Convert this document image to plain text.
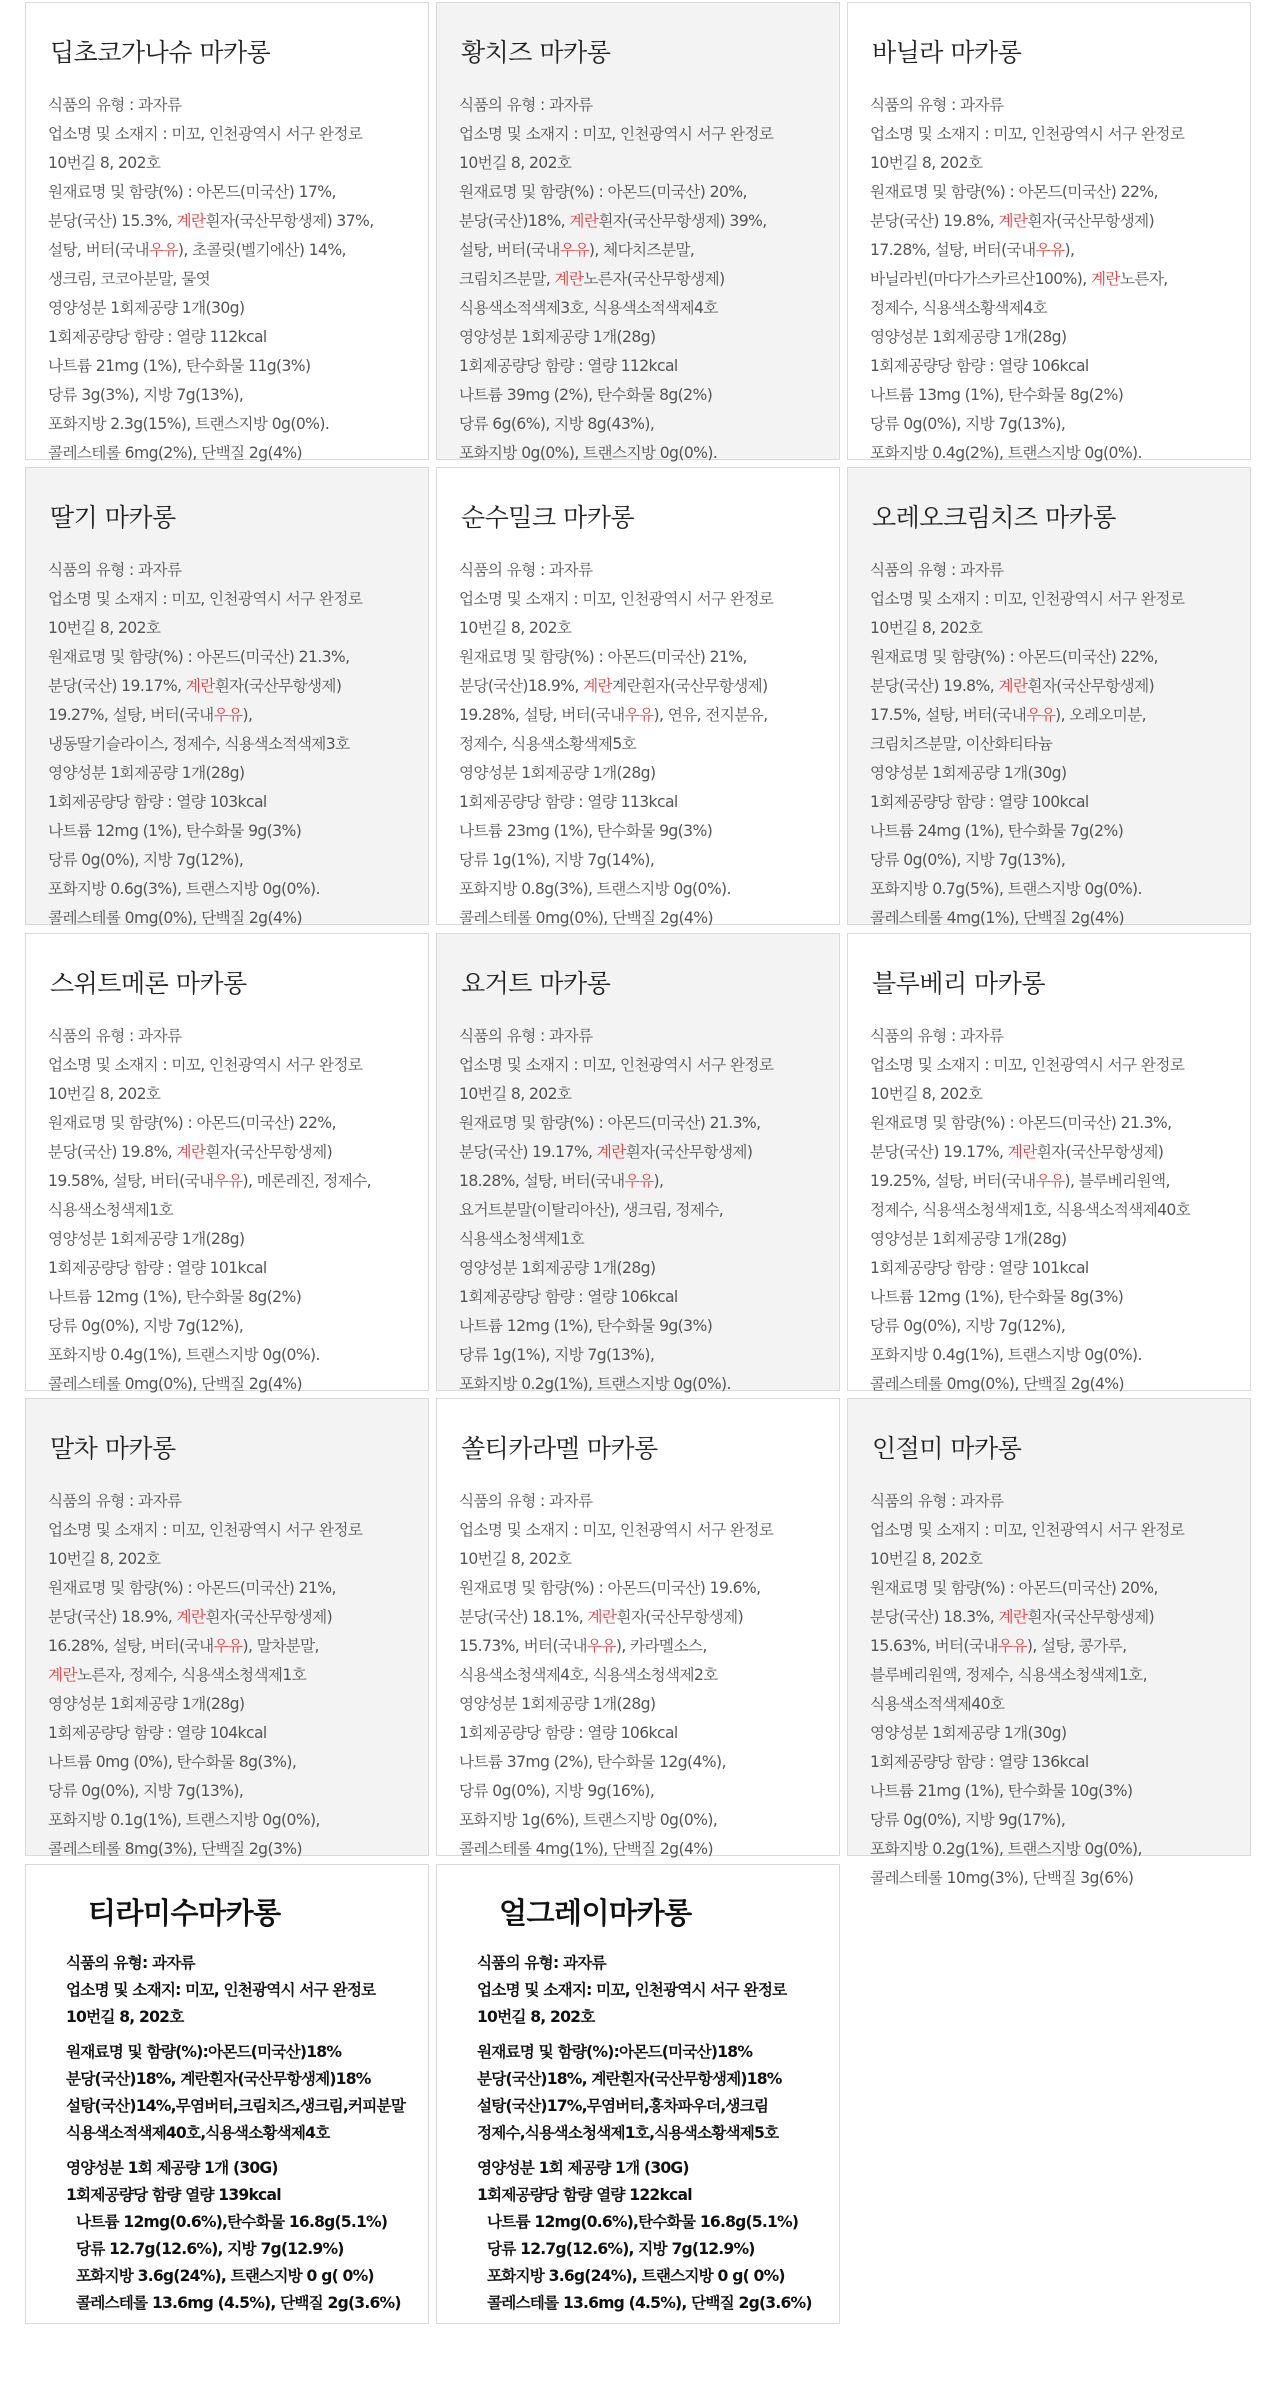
딥초코가나슈 마카롱
식품의 유형 : 과자류
업소명 및 소재지 : 미꼬, 인천광역시 서구 완정로
10번길 8, 202호
원재료명 및 함량(%) : 아몬드(미국산) 17%,
분당(국산) 15.3%, 계란흰자(국산무항생제) 37%,
설탕, 버터(국내우유), 초콜릿(벨기에산) 14%,
생크림, 코코아분말, 물엿
영양성분 1회제공량 1개(30g)
1회제공량당 함량 : 열량 112kcal
나트륨 21mg (1%), 탄수화물 11g(3%)
당류 3g(3%), 지방 7g(13%),
포화지방 2.3g(15%), 트랜스지방 0g(0%).
콜레스테롤 6mg(2%), 단백질 2g(4%)
황치즈 마카롱
식품의 유형 : 과자류
업소명 및 소재지 : 미꼬, 인천광역시 서구 완정로
10번길 8, 202호
원재료명 및 함량(%) : 아몬드(미국산) 20%,
분당(국산)18%, 계란흰자(국산무항생제) 39%,
설탕, 버터(국내우유), 체다치즈분말,
크림치즈분말, 계란노른자(국산무항생제)
식용색소적색제3호, 식용색소적색제4호
영양성분 1회제공량 1개(28g)
1회제공량당 함량 : 열량 112kcal
나트륨 39mg (2%), 탄수화물 8g(2%)
당류 6g(6%), 지방 8g(43%),
포화지방 0g(0%), 트랜스지방 0g(0%).
바닐라 마카롱
식품의 유형 : 과자류
업소명 및 소재지 : 미꼬, 인천광역시 서구 완정로
10번길 8, 202호
원재료명 및 함량(%) : 아몬드(미국산) 22%,
분당(국산) 19.8%, 계란흰자(국산무항생제)
17.28%, 설탕, 버터(국내우유),
바닐라빈(마다가스카르산100%), 계란노른자,
정제수, 식용색소황색제4호
영양성분 1회제공량 1개(28g)
1회제공량당 함량 : 열량 106kcal
나트륨 13mg (1%), 탄수화물 8g(2%)
당류 0g(0%), 지방 7g(13%),
포화지방 0.4g(2%), 트랜스지방 0g(0%).
딸기 마카롱
식품의 유형 : 과자류
업소명 및 소재지 : 미꼬, 인천광역시 서구 완정로
10번길 8, 202호
원재료명 및 함량(%) : 아몬드(미국산) 21.3%,
분당(국산) 19.17%, 계란흰자(국산무항생제)
19.27%, 설탕, 버터(국내우유),
냉동딸기슬라이스, 정제수, 식용색소적색제3호
영양성분 1회제공량 1개(28g)
1회제공량당 함량 : 열량 103kcal
나트륨 12mg (1%), 탄수화물 9g(3%)
당류 0g(0%), 지방 7g(12%),
포화지방 0.6g(3%), 트랜스지방 0g(0%).
콜레스테롤 0mg(0%), 단백질 2g(4%)
순수밀크 마카롱
식품의 유형 : 과자류
업소명 및 소재지 : 미꼬, 인천광역시 서구 완정로
10번길 8, 202호
원재료명 및 함량(%) : 아몬드(미국산) 21%,
분당(국산)18.9%, 계란계란흰자(국산무항생제)
19.28%, 설탕, 버터(국내우유), 연유, 전지분유,
정제수, 식용색소황색제5호
영양성분 1회제공량 1개(28g)
1회제공량당 함량 : 열량 113kcal
나트륨 23mg (1%), 탄수화물 9g(3%)
당류 1g(1%), 지방 7g(14%),
포화지방 0.8g(3%), 트랜스지방 0g(0%).
콜레스테롤 0mg(0%), 단백질 2g(4%)
오레오크림치즈 마카롱
식품의 유형 : 과자류
업소명 및 소재지 : 미꼬, 인천광역시 서구 완정로
10번길 8, 202호
원재료명 및 함량(%) : 아몬드(미국산) 22%,
분당(국산) 19.8%, 계란흰자(국산무항생제)
17.5%, 설탕, 버터(국내우유), 오레오미분,
크림치즈분말, 이산화티타늄
영양성분 1회제공량 1개(30g)
1회제공량당 함량 : 열량 100kcal
나트륨 24mg (1%), 탄수화물 7g(2%)
당류 0g(0%), 지방 7g(13%),
포화지방 0.7g(5%), 트랜스지방 0g(0%).
콜레스테롤 4mg(1%), 단백질 2g(4%)
스위트메론 마카롱
식품의 유형 : 과자류
업소명 및 소재지 : 미꼬, 인천광역시 서구 완정로
10번길 8, 202호
원재료명 및 함량(%) : 아몬드(미국산) 22%,
분당(국산) 19.8%, 계란흰자(국산무항생제)
19.58%, 설탕, 버터(국내우유), 메론레진, 정제수,
식용색소청색제1호
영양성분 1회제공량 1개(28g)
1회제공량당 함량 : 열량 101kcal
나트륨 12mg (1%), 탄수화물 8g(2%)
당류 0g(0%), 지방 7g(12%),
포화지방 0.4g(1%), 트랜스지방 0g(0%).
콜레스테롤 0mg(0%), 단백질 2g(4%)
요거트 마카롱
식품의 유형 : 과자류
업소명 및 소재지 : 미꼬, 인천광역시 서구 완정로
10번길 8, 202호
원재료명 및 함량(%) : 아몬드(미국산) 21.3%,
분당(국산) 19.17%, 계란흰자(국산무항생제)
18.28%, 설탕, 버터(국내우유),
요거트분말(이탈리아산), 생크림, 정제수,
식용색소청색제1호
영양성분 1회제공량 1개(28g)
1회제공량당 함량 : 열량 106kcal
나트륨 12mg (1%), 탄수화물 9g(3%)
당류 1g(1%), 지방 7g(13%),
포화지방 0.2g(1%), 트랜스지방 0g(0%).
블루베리 마카롱
식품의 유형 : 과자류
업소명 및 소재지 : 미꼬, 인천광역시 서구 완정로
10번길 8, 202호
원재료명 및 함량(%) : 아몬드(미국산) 21.3%,
분당(국산) 19.17%, 계란흰자(국산무항생제)
19.25%, 설탕, 버터(국내우유), 블루베리원액,
정제수, 식용색소청색제1호, 식용색소적색제40호
영양성분 1회제공량 1개(28g)
1회제공량당 함량 : 열량 101kcal
나트륨 12mg (1%), 탄수화물 8g(3%)
당류 0g(0%), 지방 7g(12%),
포화지방 0.4g(1%), 트랜스지방 0g(0%).
콜레스테롤 0mg(0%), 단백질 2g(4%)
말차 마카롱
식품의 유형 : 과자류
업소명 및 소재지 : 미꼬, 인천광역시 서구 완정로
10번길 8, 202호
원재료명 및 함량(%) : 아몬드(미국산) 21%,
분당(국산) 18.9%, 계란흰자(국산무항생제)
16.28%, 설탕, 버터(국내우유), 말차분말,
계란노른자, 정제수, 식용색소청색제1호
영양성분 1회제공량 1개(28g)
1회제공량당 함량 : 열량 104kcal
나트륨 0mg (0%), 탄수화물 8g(3%),
당류 0g(0%), 지방 7g(13%),
포화지방 0.1g(1%), 트랜스지방 0g(0%),
콜레스테롤 8mg(3%), 단백질 2g(3%)
쏠티카라멜 마카롱
식품의 유형 : 과자류
업소명 및 소재지 : 미꼬, 인천광역시 서구 완정로
10번길 8, 202호
원재료명 및 함량(%) : 아몬드(미국산) 19.6%,
분당(국산) 18.1%, 계란흰자(국산무항생제)
15.73%, 버터(국내우유), 카라멜소스,
식용색소청색제4호, 식용색소청색제2호
영양성분 1회제공량 1개(28g)
1회제공량당 함량 : 열량 106kcal
나트륨 37mg (2%), 탄수화물 12g(4%),
당류 0g(0%), 지방 9g(16%),
포화지방 1g(6%), 트랜스지방 0g(0%),
콜레스테롤 4mg(1%), 단백질 2g(4%)
인절미 마카롱
식품의 유형 : 과자류
업소명 및 소재지 : 미꼬, 인천광역시 서구 완정로
10번길 8, 202호
원재료명 및 함량(%) : 아몬드(미국산) 20%,
분당(국산) 18.3%, 계란흰자(국산무항생제)
15.63%, 버터(국내우유), 설탕, 콩가루,
블루베리원액, 정제수, 식용색소청색제1호,
식용색소적색제40호
영양성분 1회제공량 1개(30g)
1회제공량당 함량 : 열량 136kcal
나트륨 21mg (1%), 탄수화물 10g(3%)
당류 0g(0%), 지방 9g(17%),
포화지방 0.2g(1%), 트랜스지방 0g(0%),
콜레스테롤 10mg(3%), 단백질 3g(6%)
티라미수마카롱
식품의 유형: 과자류
업소명 및 소재지: 미꼬, 인천광역시 서구 완정로
10번길 8, 202호
원재료명 및 함량(%):아몬드(미국산)18%
분당(국산)18%, 계란흰자(국산무항생제)18%
설탕(국산)14%,무염버터,크림치즈,생크림,커피분말
식용색소적색제40호,식용색소황색제4호
영양성분 1회 제공량 1개 (30G)
1회제공량당 함량 열량 139kcal
나트륨 12mg(0.6%),탄수화물 16.8g(5.1%)
당류 12.7g(12.6%), 지방 7g(12.9%)
포화지방 3.6g(24%), 트랜스지방 0 g( 0%)
콜레스테롤 13.6mg (4.5%), 단백질 2g(3.6%)
얼그레이마카롱
식품의 유형: 과자류
업소명 및 소재지: 미꼬, 인천광역시 서구 완정로
10번길 8, 202호
원재료명 및 함량(%):아몬드(미국산)18%
분당(국산)18%, 계란흰자(국산무항생제)18%
설탕(국산)17%,무염버터,홍차파우더,생크림
정제수,식용색소청색제1호,식용색소황색제5호
영양성분 1회 제공량 1개 (30G)
1회제공량당 함량 열량 122kcal
나트륨 12mg(0.6%),탄수화물 16.8g(5.1%)
당류 12.7g(12.6%), 지방 7g(12.9%)
포화지방 3.6g(24%), 트랜스지방 0 g( 0%)
콜레스테롤 13.6mg (4.5%), 단백질 2g(3.6%)
